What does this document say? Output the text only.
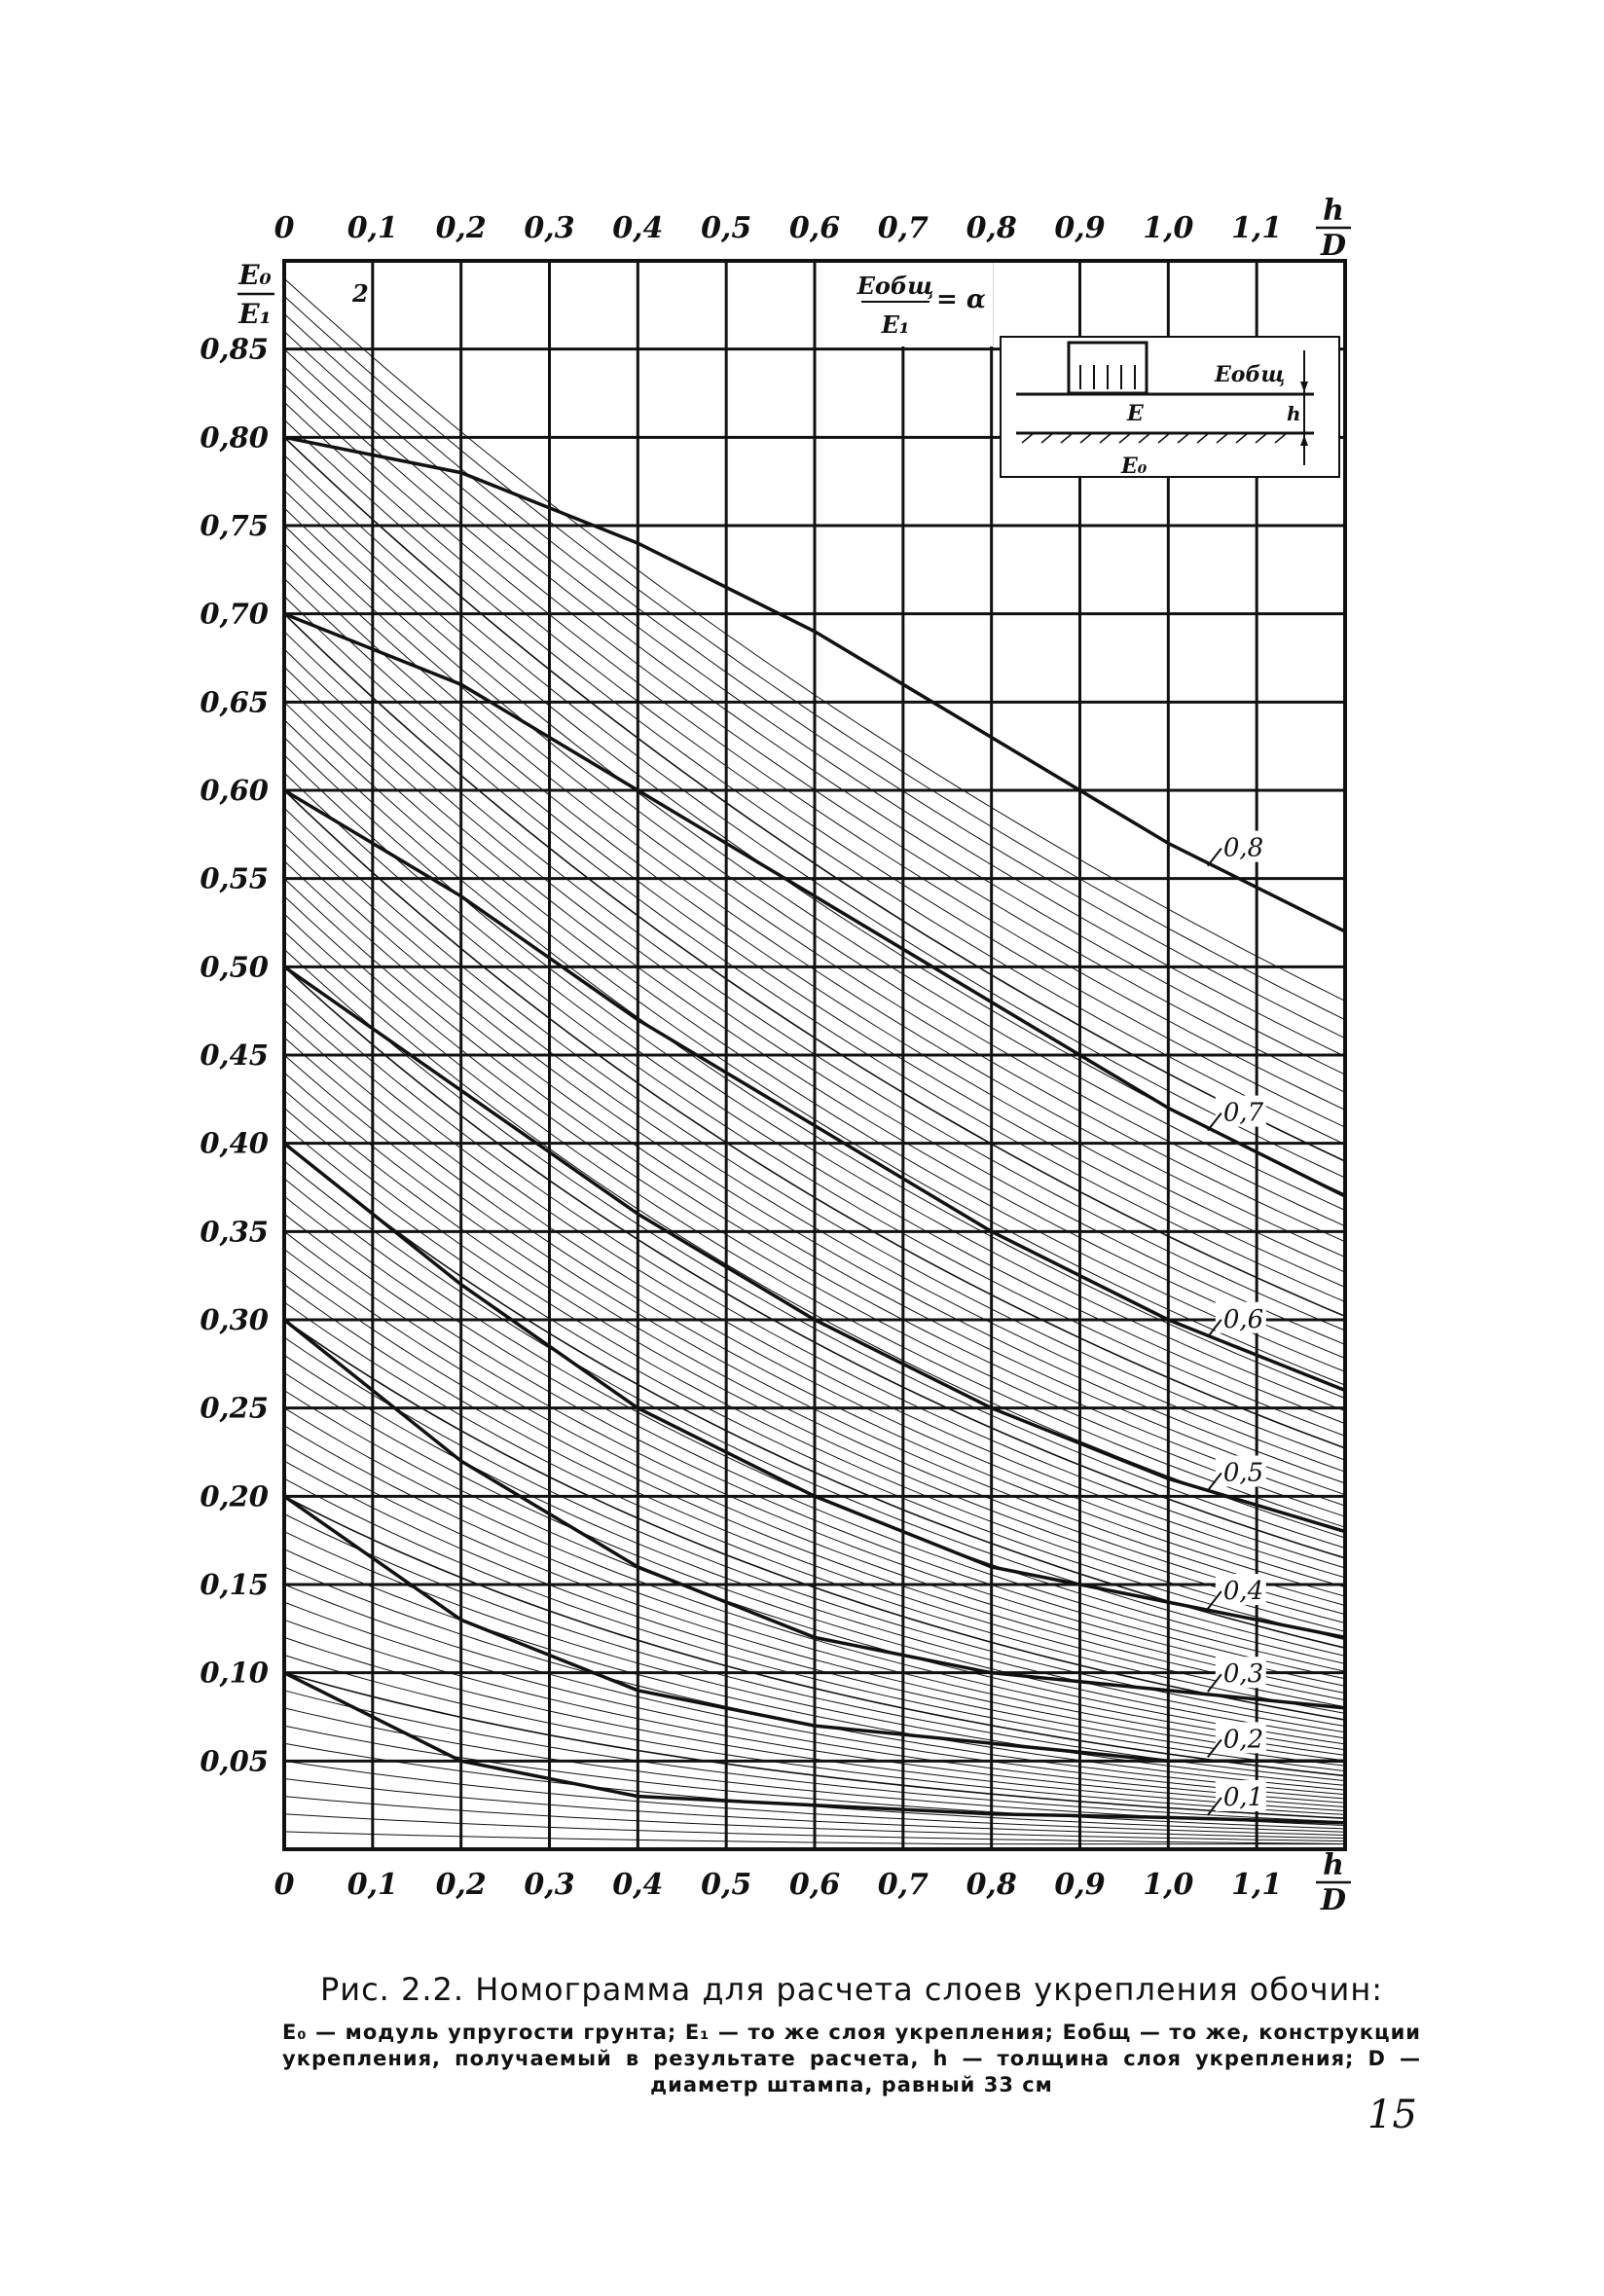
0 0,1 0,2 0,3 0,4 0,5 0,6 0,7 0,8 0,9 1,0 1,1
0 0,1 0,2 0,3 0,4 0,5 0,6 0,7 0,8 0,9 1,0 1,1
0,85
0,80
0,75
0,70
0,65
0,60
0,55
0,50
0,45
0,40
0,35
0,30
0,25
0,20
0,15
0,10
0,05
0,8
0,7
0,6
0,5
0,4
0,3
0,2
0,1
h
D
h
D
E₀
E₁
Eобщ
E₁
= α
2
Eобщ
E
E₀
h
Рис. 2.2. Номограмма для расчета слоев укрепления обочин:
E₀ — модуль упругости грунта; E₁ — то же слоя укрепления; Eобщ — то же, конструкции укрепления, получаемый в результате расчета, h — толщина слоя укрепления; D — диаметр штампа, равный 33 см
15
